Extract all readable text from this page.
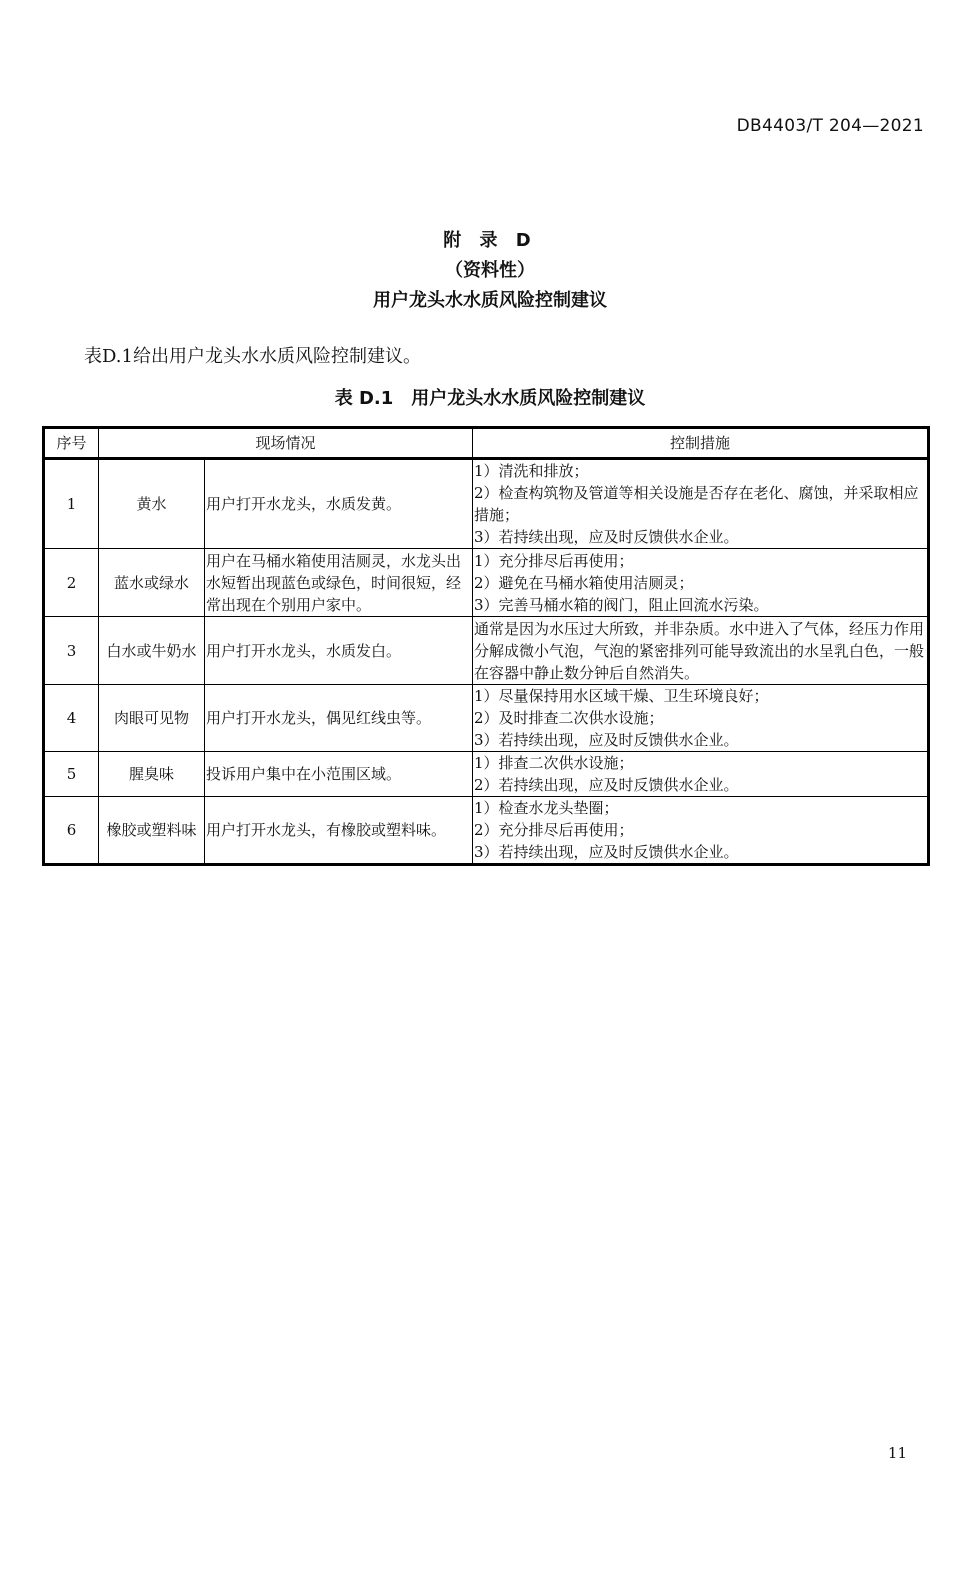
DB4403/T 204—2021
附 录 D
（资料性）
用户龙头水水质风险控制建议
表D.1给出用户龙头水水质风险控制建议。
表 D.1 用户龙头水水质风险控制建议
序号	现场情况		控制措施
1	黄水	用户打开水龙头，水质发黄。	1）清洗和排放；
2）检查构筑物及管道等相关设施是否存在老化、腐蚀，并采取相应措施；
3）若持续出现，应及时反馈供水企业。

2	蓝水或绿水	用户在马桶水箱使用洁厕灵，水龙头出水短暂出现蓝色或绿色，时间很短，经常出现在个别用户家中。	1）充分排尽后再使用；
2）避免在马桶水箱使用洁厕灵；
3）完善马桶水箱的阀门，阻止回流水污染。

3	白水或牛奶水	用户打开水龙头，水质发白。	通常是因为水压过大所致，并非杂质。水中进入了气体，经压力作用分解成微小气泡，气泡的紧密排列可能导致流出的水呈乳白色，一般在容器中静止数分钟后自然消失。

4	肉眼可见物	用户打开水龙头，偶见红线虫等。	1）尽量保持用水区域干燥、卫生环境良好；
2）及时排查二次供水设施；
3）若持续出现，应及时反馈供水企业。

5	腥臭味	投诉用户集中在小范围区域。	1）排查二次供水设施；
2）若持续出现，应及时反馈供水企业。

6	橡胶或塑料味	用户打开水龙头，有橡胶或塑料味。	1）检查水龙头垫圈；
2）充分排尽后再使用；
3）若持续出现，应及时反馈供水企业。
11
